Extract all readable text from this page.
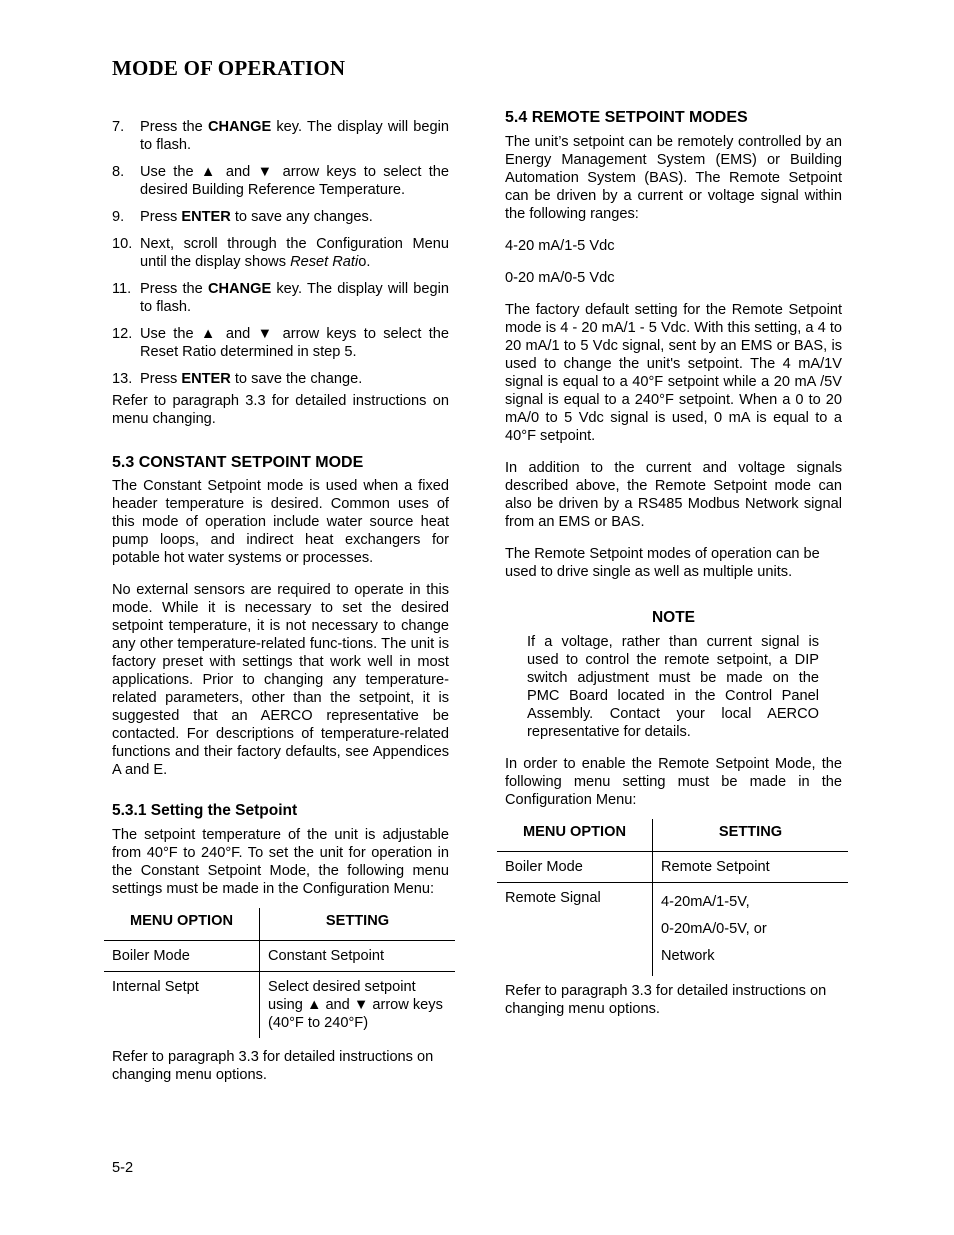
MODE OF OPERATION
7. Press the CHANGE key. The display will begin to flash.
8. Use the ▲ and ▼ arrow keys to select the desired Building Reference Temperature.
9. Press ENTER to save any changes.
10. Next, scroll through the Configuration Menu until the display shows Reset Ratio.
11. Press the CHANGE key. The display will begin to flash.
12. Use the ▲ and ▼ arrow keys to select the Reset Ratio determined in step 5.
13. Press ENTER to save the change.

Refer to paragraph 3.3 for detailed instructions on menu changing.

5.3 CONSTANT SETPOINT MODE

The Constant Setpoint mode is used when a fixed header temperature is desired. Common uses of this mode of operation include water source heat pump loops, and indirect heat exchangers for potable hot water systems or processes.

No external sensors are required to operate in this mode. While it is necessary to set the desired setpoint temperature, it is not necessary to change any other temperature-related func-tions. The unit is factory preset with settings that work well in most applications. Prior to changing any temperature-related parameters, other than the setpoint, it is suggested that an AERCO representative be contacted. For descriptions of temperature-related functions and their factory defaults, see Appendices A and E.

5.3.1 Setting the Setpoint

The setpoint temperature of the unit is adjustable from 40°F to 240°F. To set the unit for operation in the Constant Setpoint Mode, the following menu settings must be made in the Configuration Menu:

MENU OPTION	SETTING
Boiler Mode	Constant Setpoint
Internal Setpt	Select desired setpoint using ▲ and ▼ arrow keys (40°F to 240°F)

Refer to paragraph 3.3 for detailed instructions on changing menu options.

5.4 REMOTE SETPOINT MODES

The unit’s setpoint can be remotely controlled by an Energy Management System (EMS) or Building Automation System (BAS). The Remote Setpoint can be driven by a current or voltage signal within the following ranges:

4-20 mA/1-5 Vdc

0-20 mA/0-5 Vdc

The factory default setting for the Remote Setpoint mode is 4 - 20 mA/1 - 5 Vdc. With this setting, a 4 to 20 mA/1 to 5 Vdc signal, sent by an EMS or BAS, is used to change the unit's setpoint. The 4 mA/1V signal is equal to a 40°F setpoint while a 20 mA /5V signal is equal to a 240°F setpoint. When a 0 to 20 mA/0 to 5 Vdc signal is used, 0 mA is equal to a 40°F setpoint.

In addition to the current and voltage signals described above, the Remote Setpoint mode can also be driven by a RS485 Modbus Network signal from an EMS or BAS.

The Remote Setpoint modes of operation can be used to drive single as well as multiple units.

NOTE
If a voltage, rather than current signal is used to control the remote setpoint, a DIP switch adjustment must be made on the PMC Board located in the Control Panel Assembly. Contact your local AERCO representative for details.

In order to enable the Remote Setpoint Mode, the following menu setting must be made in the Configuration Menu:

MENU OPTION	SETTING
Boiler Mode	Remote Setpoint
Remote Signal	4-20mA/1-5V,
0-20mA/0-5V, or
Network

Refer to paragraph 3.3 for detailed instructions on changing menu options.

5-2
